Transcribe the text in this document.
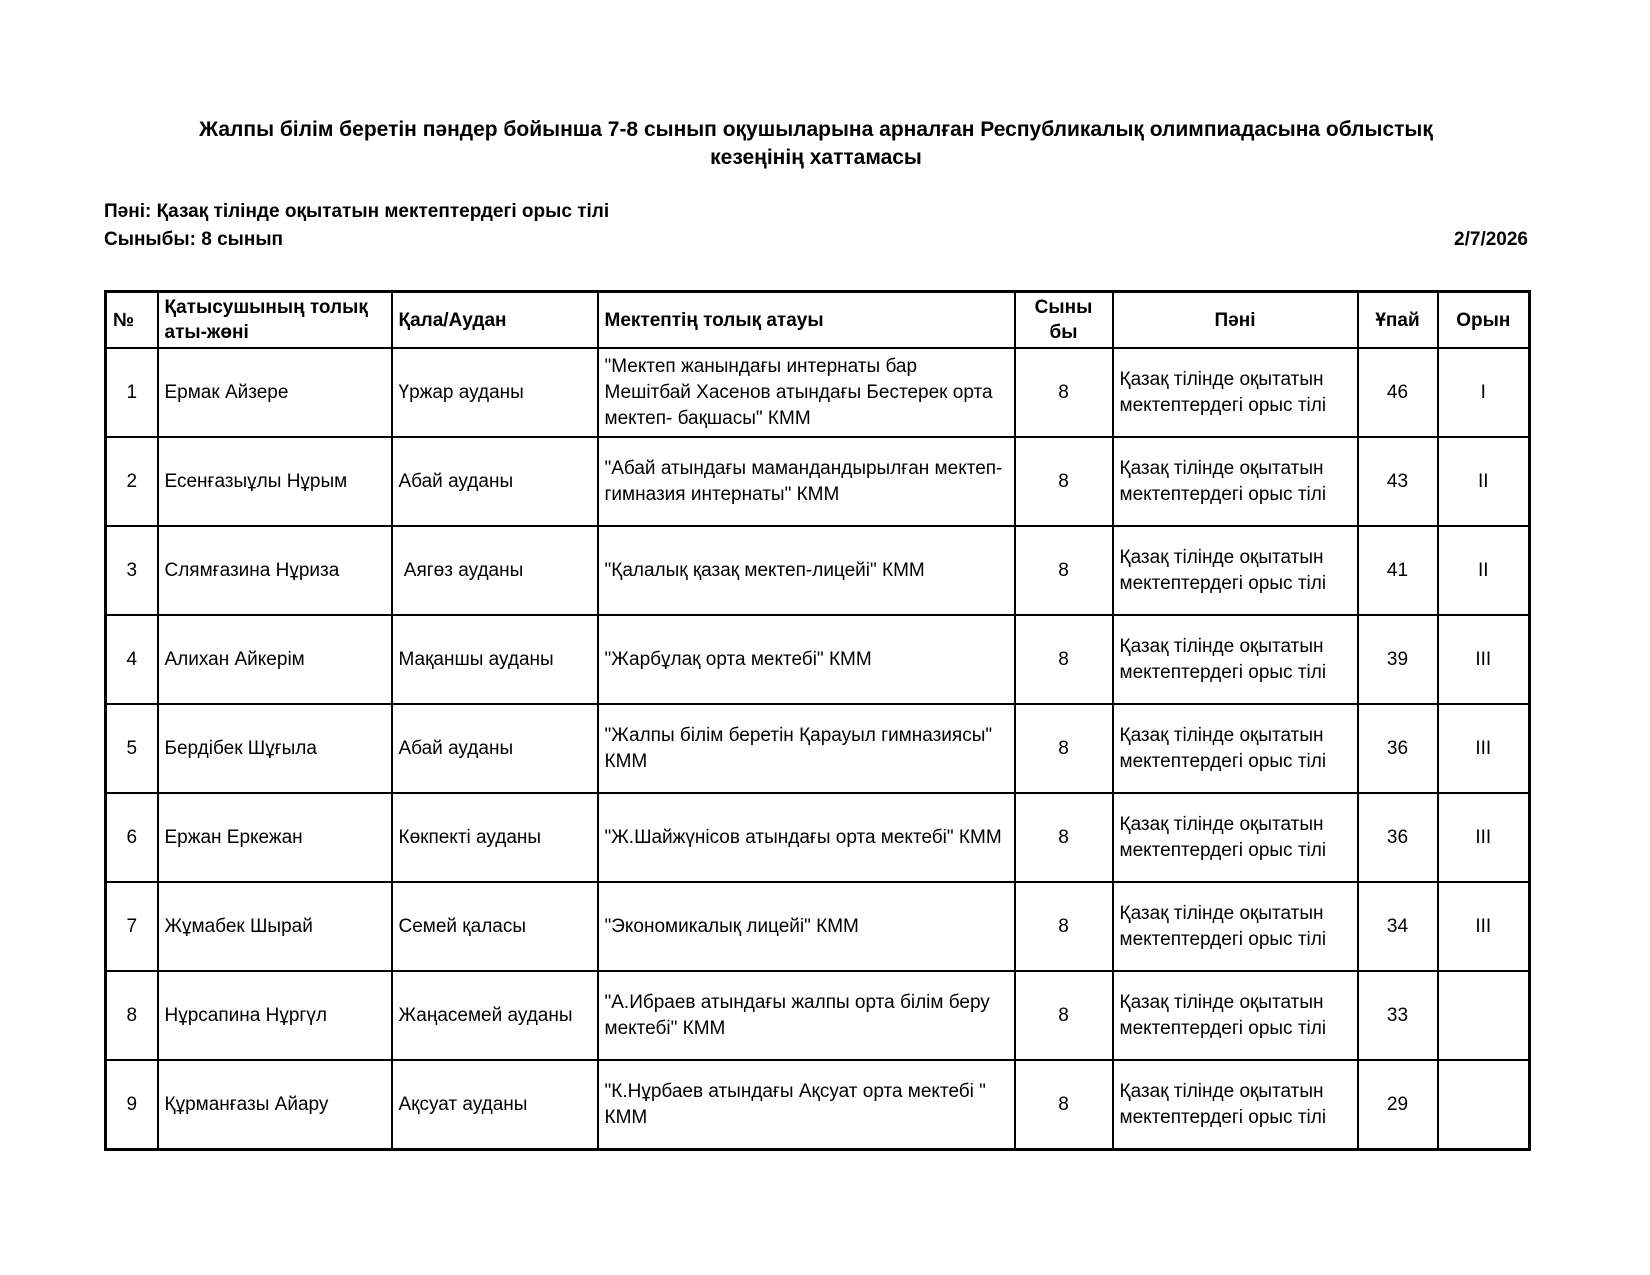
Жалпы білім беретін пәндер бойынша 7-8 сынып оқушыларына арналған Республикалық олимпиадасына облыстық кезеңінің хаттамасы
Пәні: Қазақ тілінде оқытатын мектептердегі орыс тілі
Сыныбы: 8 сынып	2/7/2026
№	Қатысушының толық аты-жөні	Қала/Аудан	Мектептің толық атауы	Сыныбы	Пәні	Ұпай	Орын
1	Ермак Айзере	Үржар ауданы	"Мектеп жанындағы интернаты бар Мешітбай Хасенов атындағы Бестерек орта мектеп- бақшасы" КММ	8	Қазақ тілінде оқытатын мектептердегі орыс тілі	46	I
2	Есенғазыұлы Нұрым	Абай ауданы	"Абай атындағы мамандандырылған мектеп-гимназия интернаты" КММ	8	Қазақ тілінде оқытатын мектептердегі орыс тілі	43	II
3	Слямғазина Нұриза	Аягөз ауданы	"Қалалық қазақ мектеп-лицейі" КММ	8	Қазақ тілінде оқытатын мектептердегі орыс тілі	41	II
4	Алихан Айкерім	Мақаншы ауданы	"Жарбұлақ орта мектебі" КММ	8	Қазақ тілінде оқытатын мектептердегі орыс тілі	39	III
5	Бердібек Шұғыла	Абай ауданы	"Жалпы білім беретін Қарауыл гимназиясы" КММ	8	Қазақ тілінде оқытатын мектептердегі орыс тілі	36	III
6	Ержан Еркежан	Көкпекті ауданы	"Ж.Шайжүнісов атындағы орта мектебі" КММ	8	Қазақ тілінде оқытатын мектептердегі орыс тілі	36	III
7	Жұмабек Шырай	Семей қаласы	"Экономикалық лицейі" КММ	8	Қазақ тілінде оқытатын мектептердегі орыс тілі	34	III
8	Нұрсапина Нұргүл	Жаңасемей ауданы	"А.Ибраев атындағы жалпы орта білім беру мектебі" КММ	8	Қазақ тілінде оқытатын мектептердегі орыс тілі	33	
9	Құрманғазы Айару	Ақсуат ауданы	"К.Нұрбаев атындағы Ақсуат орта мектебі " КММ	8	Қазақ тілінде оқытатын мектептердегі орыс тілі	29	
